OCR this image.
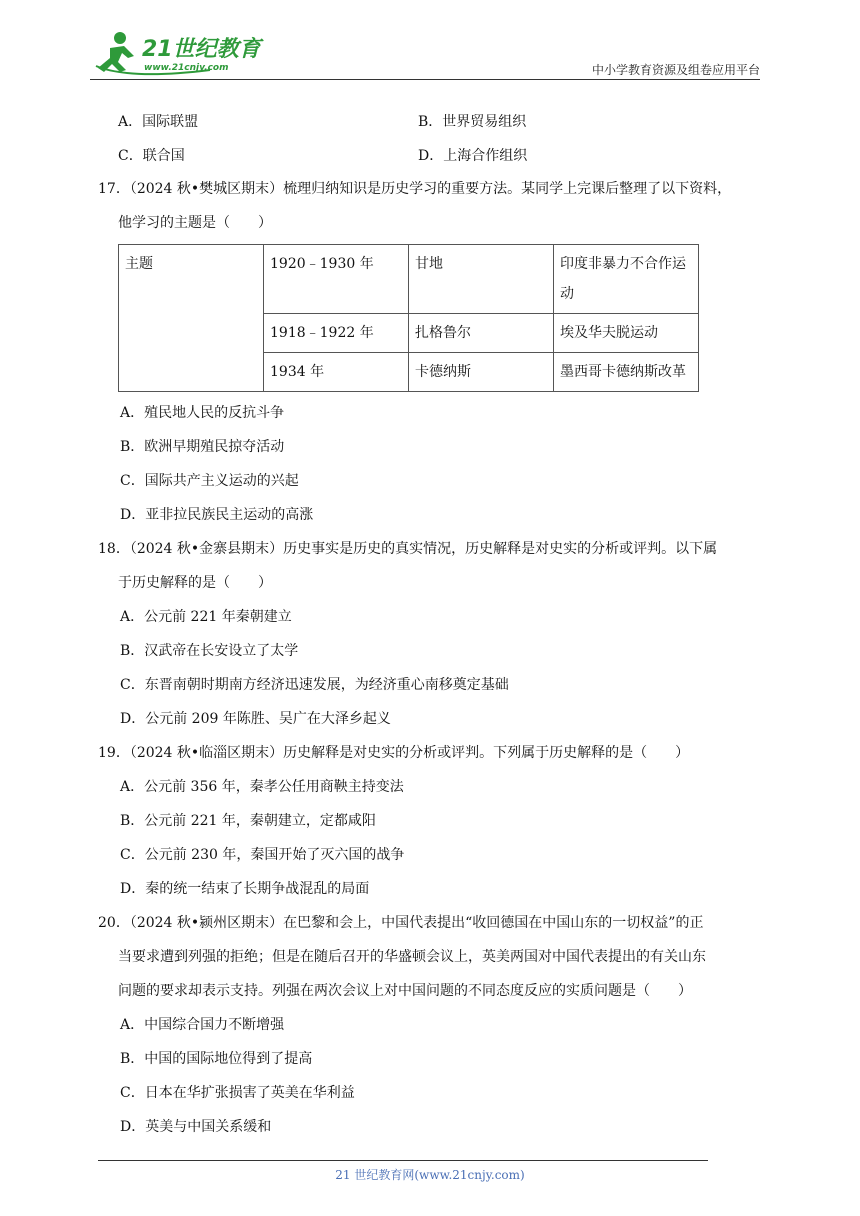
21世纪教育
www.21cnjy.com	中小学教育资源及组卷应用平台
A．国际联盟	B．世界贸易组织
C．联合国	D．上海合作组织
17．（2024 秋•樊城区期末）梳理归纳知识是历史学习的重要方法。某同学上完课后整理了以下资料，
他学习的主题是（　　）
主题	1920﹣1930 年	甘地	印度非暴力不合作运
动

	1918﹣1922 年	扎格鲁尔	埃及华夫脱运动
	1934 年	卡德纳斯	墨西哥卡德纳斯改革
A．殖民地人民的反抗斗争
B．欧洲早期殖民掠夺活动
C．国际共产主义运动的兴起
D．亚非拉民族民主运动的高涨
18．（2024 秋•金寨县期末）历史事实是历史的真实情况，历史解释是对史实的分析或评判。以下属
于历史解释的是（　　）
A．公元前 221 年秦朝建立
B．汉武帝在长安设立了太学
C．东晋南朝时期南方经济迅速发展，为经济重心南移奠定基础
D．公元前 209 年陈胜、吴广在大泽乡起义
19．（2024 秋•临淄区期末）历史解释是对史实的分析或评判。下列属于历史解释的是（　　）
A．公元前 356 年，秦孝公任用商鞅主持变法
B．公元前 221 年，秦朝建立，定都咸阳
C．公元前 230 年，秦国开始了灭六国的战争
D．秦的统一结束了长期争战混乱的局面
20．（2024 秋•颍州区期末）在巴黎和会上，中国代表提出“收回德国在中国山东的一切权益”的正
当要求遭到列强的拒绝；但是在随后召开的华盛顿会议上，英美两国对中国代表提出的有关山东
问题的要求却表示支持。列强在两次会议上对中国问题的不同态度反应的实质问题是（　　）
A．中国综合国力不断增强
B．中国的国际地位得到了提高
C．日本在华扩张损害了英美在华利益
D．英美与中国关系缓和
21 世纪教育网(www.21cnjy.com)
